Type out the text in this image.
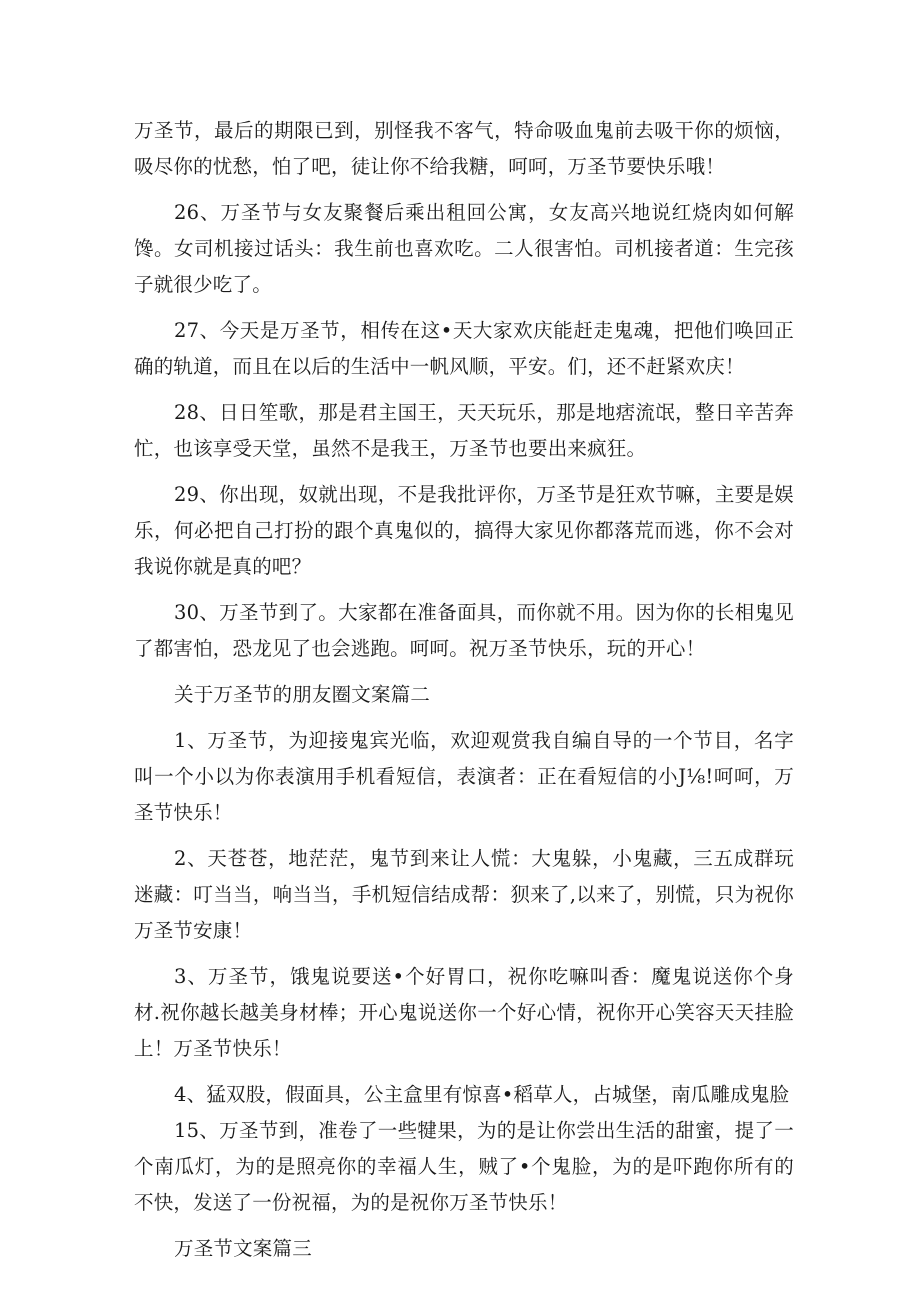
万圣节，最后的期限已到，别怪我不客气，特命吸血鬼前去吸干你的烦恼，吸尽你的忧愁，怕了吧，徒让你不给我糖，呵呵，万圣节要快乐哦！

26、万圣节与女友聚餐后乘出租回公寓，女友高兴地说红烧肉如何解馋。女司机接过话头：我生前也喜欢吃。二人很害怕。司机接者道：生完孩子就很少吃了。

27、今天是万圣节，相传在这•天大家欢庆能赶走鬼魂，把他们唤回正确的轨道，而且在以后的生活中一帆风顺，平安。们，还不赶紧欢庆！

28、日日笙歌，那是君主国王，天天玩乐，那是地痞流氓，整日辛苦奔忙，也该享受天堂，虽然不是我王，万圣节也要出来疯狂。

29、你出现，奴就出现，不是我批评你，万圣节是狂欢节嘛，主要是娱乐，何必把自己打扮的跟个真鬼似的，搞得大家见你都落荒而逃，你不会对我说你就是真的吧？

30、万圣节到了。大家都在准备面具，而你就不用。因为你的长相鬼见了都害怕，恐龙见了也会逃跑。呵呵。祝万圣节快乐，玩的开心！

关于万圣节的朋友圈文案篇二

1、万圣节，为迎接鬼宾光临，欢迎观赏我自编自导的一个节目，名字叫一个小以为你表演用手机看短信，表演者：正在看短信的小J⅛!呵呵，万圣节快乐！

2、天苍苍，地茫茫，鬼节到来让人慌：大鬼躲，小鬼藏，三五成群玩迷藏：叮当当，响当当，手机短信结成帮：狈来了,以来了，别慌，只为祝你万圣节安康！

3、万圣节，饿鬼说要送•个好胃口，祝你吃嘛叫香：魔鬼说送你个身材.祝你越长越美身材棒；开心鬼说送你一个好心情，祝你开心笑容天天挂脸上！万圣节快乐！

4、猛双股，假面具，公主盒里有惊喜•稻草人，占城堡，南瓜雕成鬼脸

15、万圣节到，准卷了一些犍果，为的是让你尝出生活的甜蜜，提了一个南瓜灯，为的是照亮你的幸福人生，贼了•个鬼脸，为的是吓跑你所有的不快，发送了一份祝福，为的是祝你万圣节快乐！

万圣节文案篇三
